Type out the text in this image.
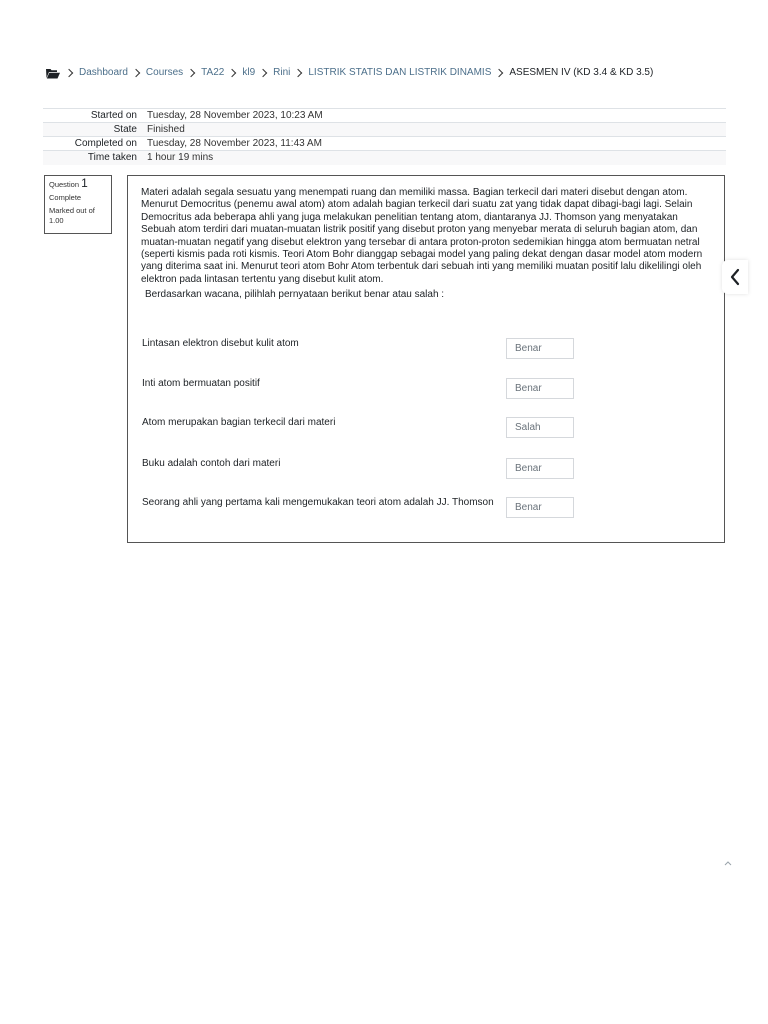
Dashboard Courses TA22 kl9 Rini LISTRIK STATIS DAN LISTRIK DINAMIS ASESMEN IV (KD 3.4 & KD 3.5)
Started on	Tuesday, 28 November 2023, 10:23 AM
State	Finished
Completed on	Tuesday, 28 November 2023, 11:43 AM
Time taken	1 hour 19 mins
Question 1
Complete
Marked out of 1.00
Materi adalah segala sesuatu yang menempati ruang dan memiliki massa. Bagian terkecil dari materi disebut dengan atom. Menurut Democritus (penemu awal atom) atom adalah bagian terkecil dari suatu zat yang tidak dapat dibagi-bagi lagi. Selain Democritus ada beberapa ahli yang juga melakukan penelitian tentang atom, diantaranya JJ. Thomson yang menyatakan Sebuah atom terdiri dari muatan-muatan listrik positif yang disebut proton yang menyebar merata di seluruh bagian atom, dan muatan-muatan negatif yang disebut elektron yang tersebar di antara proton-proton sedemikian hingga atom bermuatan netral (seperti kismis pada roti kismis. Teori Atom Bohr dianggap sebagai model yang paling dekat dengan dasar model atom modern yang diterima saat ini. Menurut teori atom Bohr Atom terbentuk dari sebuah inti yang memiliki muatan positif lalu dikelilingi oleh elektron pada lintasan tertentu yang disebut kulit atom.
Berdasarkan wacana, pilihlah pernyataan berikut benar atau salah :
Lintasan elektron disebut kulit atom	Benar
Inti atom bermuatan positif	Benar
Atom merupakan bagian terkecil dari materi	Salah
Buku adalah contoh dari materi	Benar
Seorang ahli yang pertama kali mengemukakan teori atom adalah JJ. Thomson	Benar
